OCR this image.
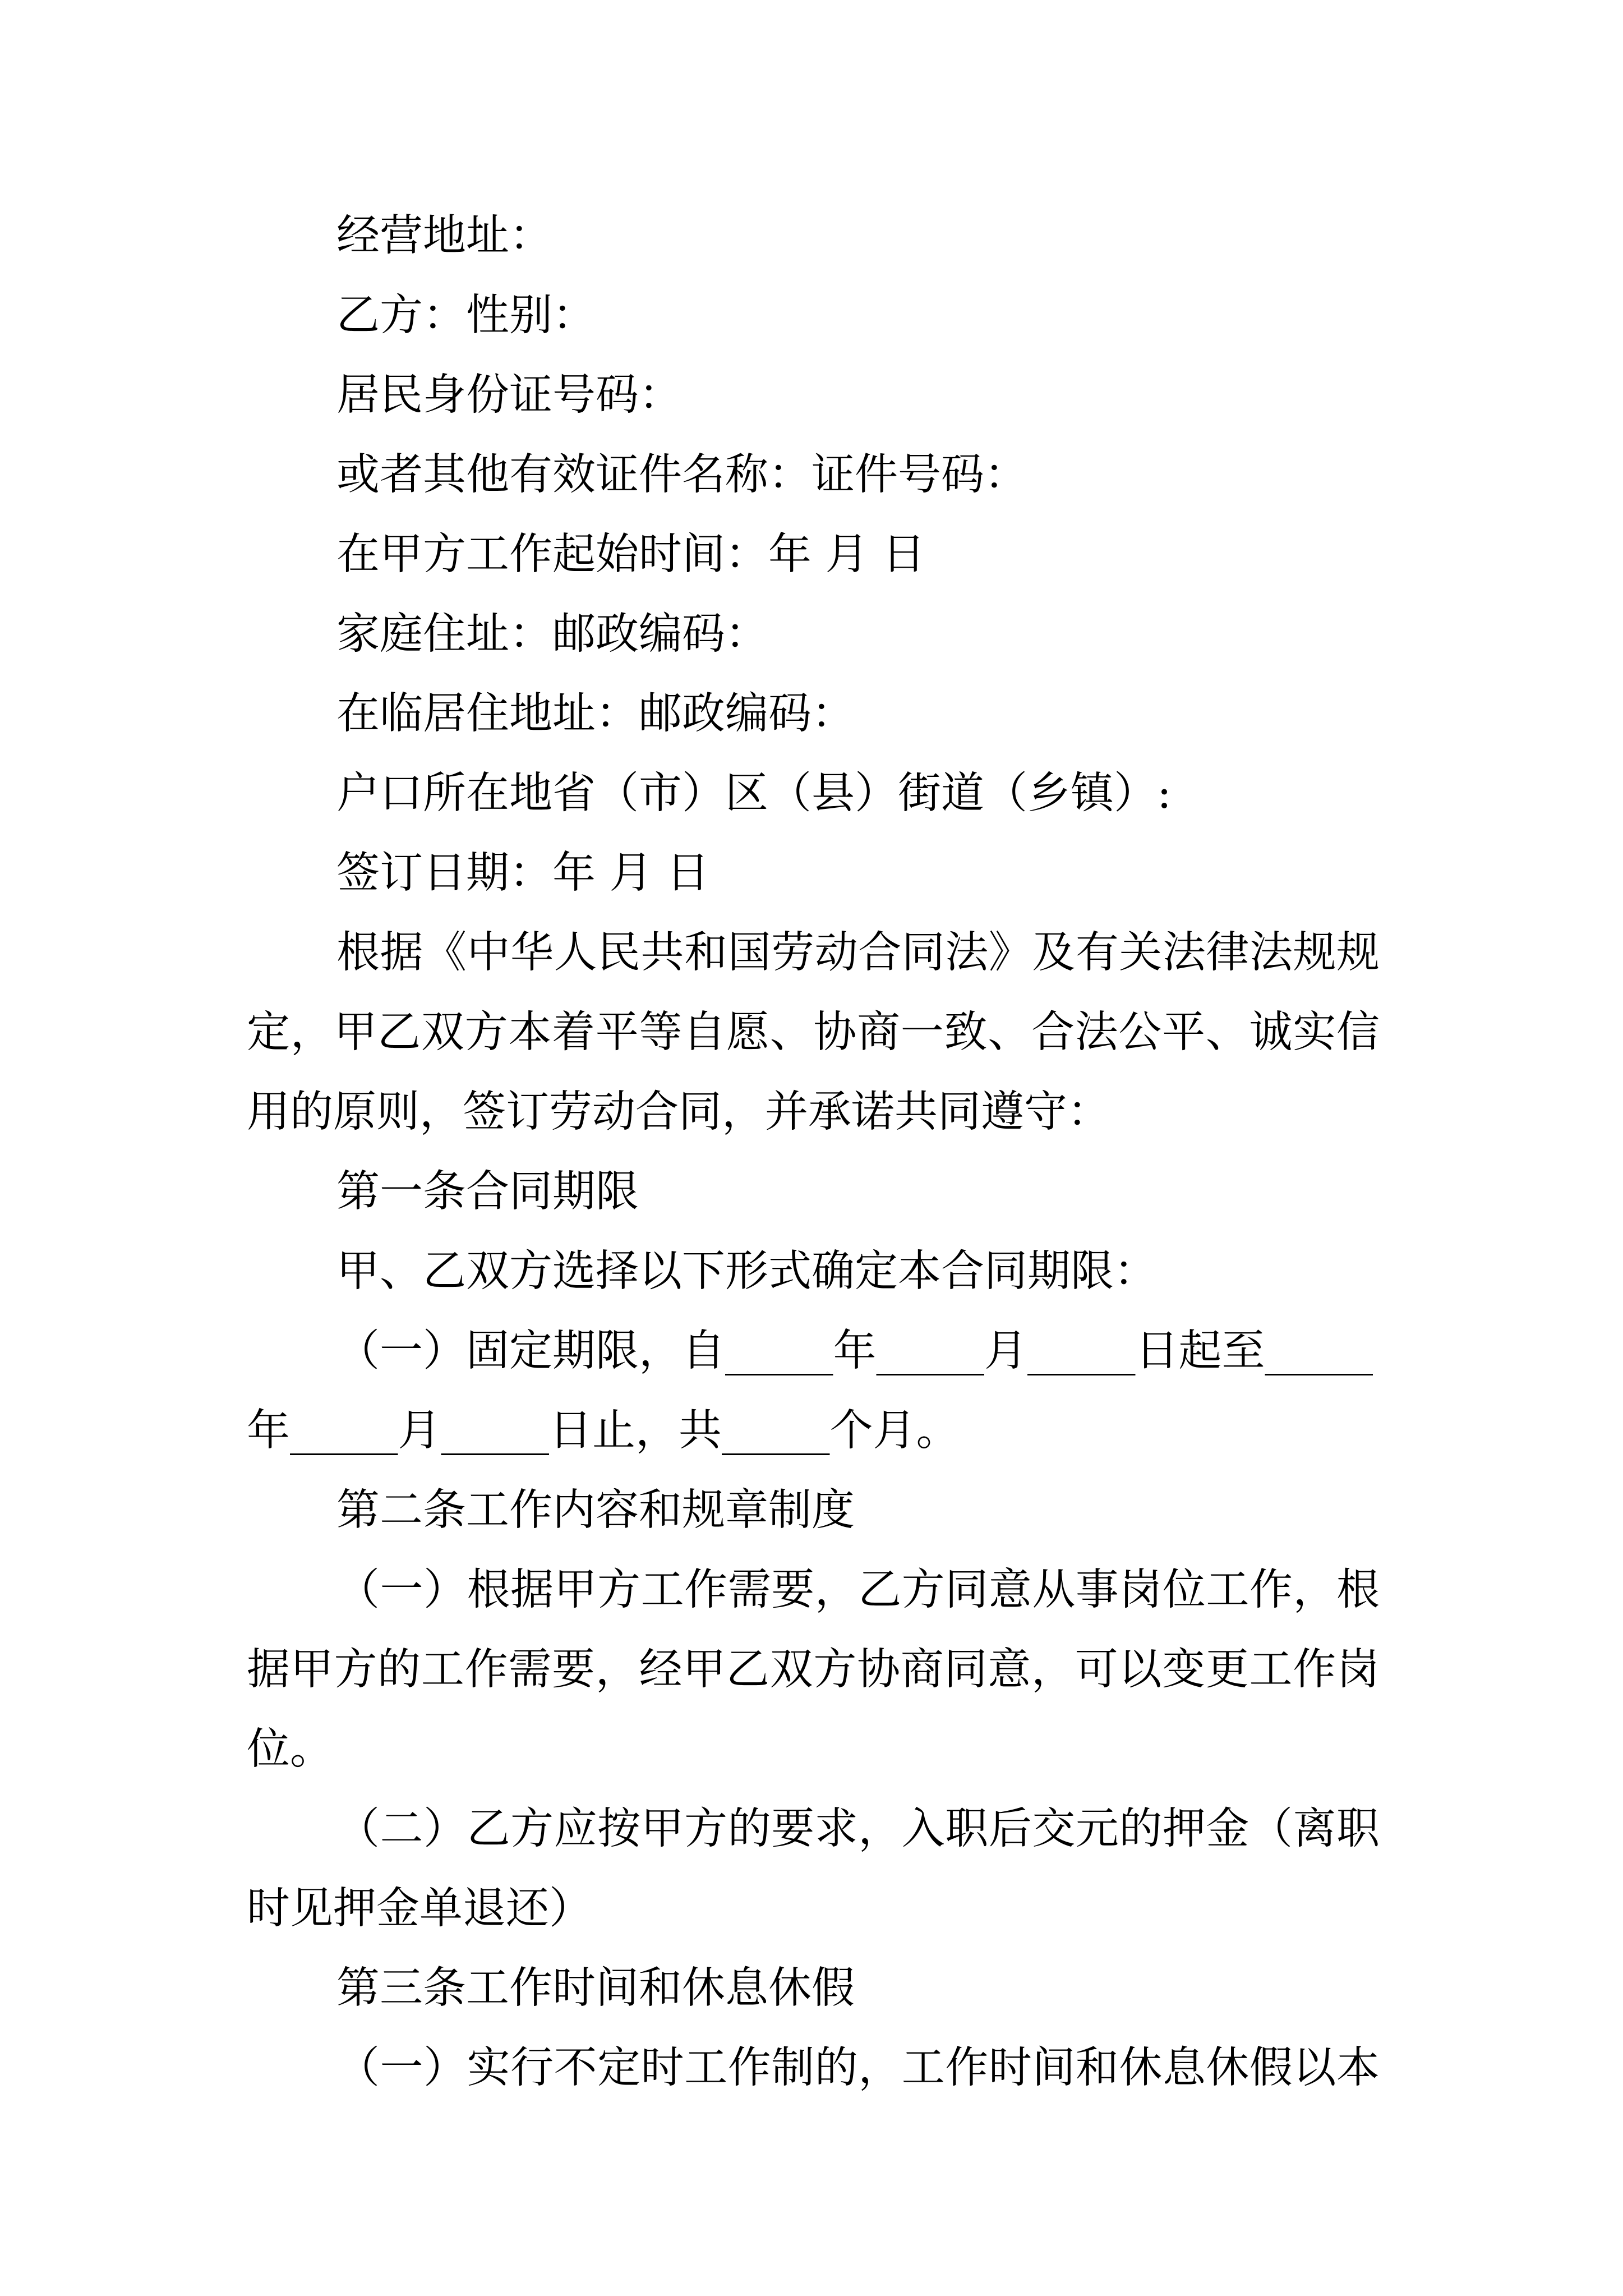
经营地址：
乙方：性别：
居民身份证号码：
或者其他有效证件名称：证件号码：
在甲方工作起始时间：年 月 日
家庭住址：邮政编码：
在临居住地址：邮政编码：
户口所在地省（市）区（县）街道（乡镇）:
签订日期：年 月 日
根据《中华人民共和国劳动合同法》及有关法律法规规
定，甲乙双方本着平等自愿、协商一致、合法公平、诚实信
用的原则，签订劳动合同，并承诺共同遵守：
第一条合同期限
甲、乙双方选择以下形式确定本合同期限：
（一）固定期限，自_____年_____月_____日起至_____
年_____月_____日止，共_____个月。
第二条工作内容和规章制度
（一）根据甲方工作需要，乙方同意从事岗位工作，根
据甲方的工作需要，经甲乙双方协商同意，可以变更工作岗
位。
（二）乙方应按甲方的要求，入职后交元的押金（离职
时见押金单退还）
第三条工作时间和休息休假
（一）实行不定时工作制的，工作时间和休息休假以本
